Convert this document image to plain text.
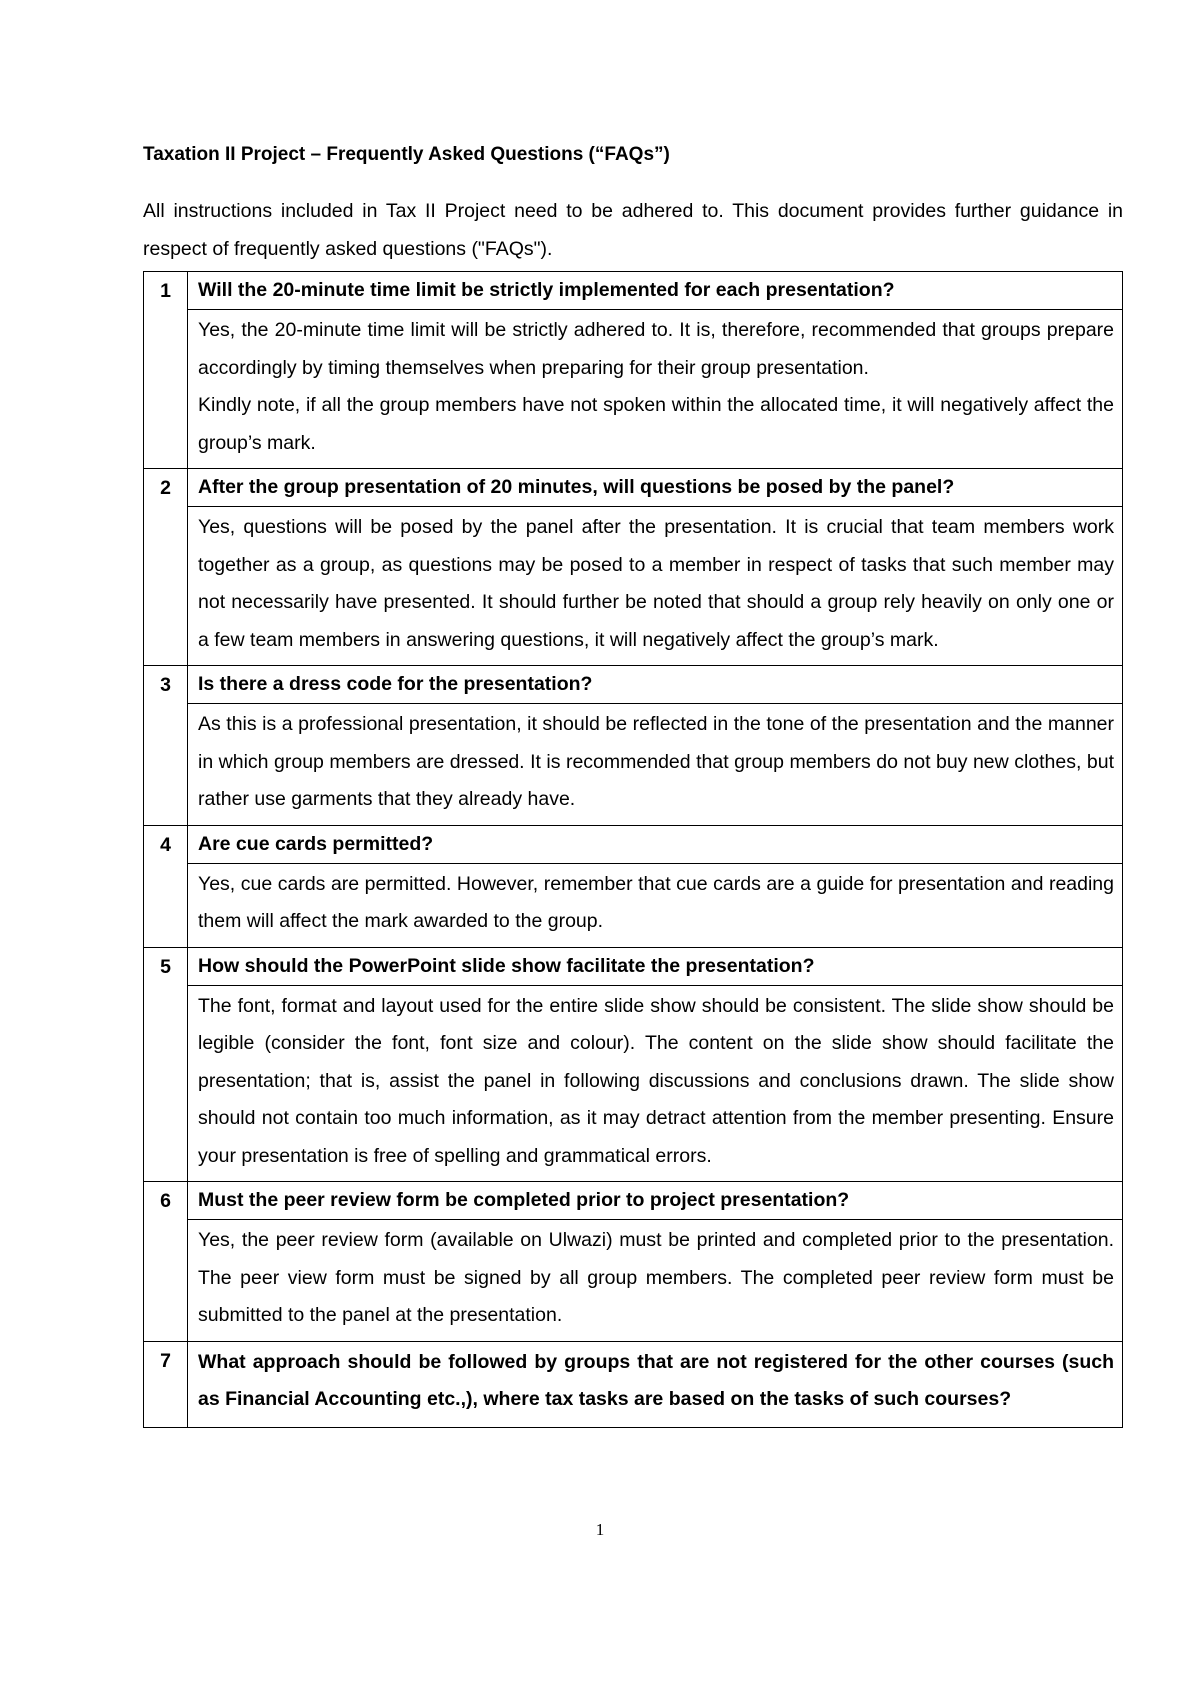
Taxation II Project – Frequently Asked Questions (“FAQs”)
All instructions included in Tax II Project need to be adhered to. This document provides further guidance in respect of frequently asked questions ("FAQs").
1	Will the 20-minute time limit be strictly implemented for each presentation?

	Yes, the 20-minute time limit will be strictly adhered to. It is, therefore, recommended that groups prepare accordingly by timing themselves when preparing for their group presentation.

Kindly note, if all the group members have not spoken within the allocated time, it will negatively affect the group’s mark.

2	After the group presentation of 20 minutes, will questions be posed by the panel?

	Yes, questions will be posed by the panel after the presentation. It is crucial that team members work together as a group, as questions may be posed to a member in respect of tasks that such member may not necessarily have presented. It should further be noted that should a group rely heavily on only one or a few team members in answering questions, it will negatively affect the group’s mark.

3	Is there a dress code for the presentation?

	As this is a professional presentation, it should be reflected in the tone of the presentation and the manner in which group members are dressed. It is recommended that group members do not buy new clothes, but rather use garments that they already have.

4	Are cue cards permitted?

	Yes, cue cards are permitted. However, remember that cue cards are a guide for presentation and reading them will affect the mark awarded to the group.

5	How should the PowerPoint slide show facilitate the presentation?

	The font, format and layout used for the entire slide show should be consistent. The slide show should be legible (consider the font, font size and colour). The content on the slide show should facilitate the presentation; that is, assist the panel in following discussions and conclusions drawn. The slide show should not contain too much information, as it may detract attention from the member presenting. Ensure your presentation is free of spelling and grammatical errors.

6	Must the peer review form be completed prior to project presentation?

	Yes, the peer review form (available on Ulwazi) must be printed and completed prior to the presentation. The peer view form must be signed by all group members. The completed peer review form must be submitted to the panel at the presentation.

7	What approach should be followed by groups that are not registered for the other courses (such as Financial Accounting etc.,), where tax tasks are based on the tasks of such courses?
1
